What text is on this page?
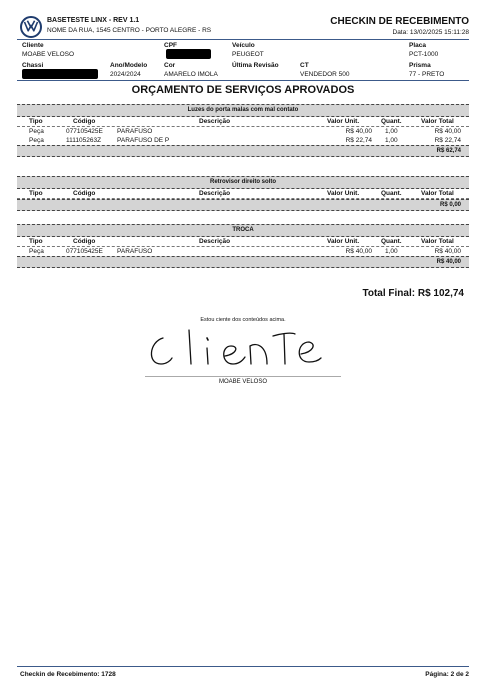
BASETESTE LINX - REV 1.1
NOME DA RUA, 1545 CENTRO - PORTO ALEGRE - RS
CHECKIN DE RECEBIMENTO
Data: 13/02/2025 15:11:28
Cliente
MOABE VELOSO
CPF	Veículo
PEUGEOT
Placa
PCT-1000
Chassi	Ano/Modelo
2024/2024
Cor
AMARELO IMOLA
Última Revisão	CT
VENDEDOR 500
Prisma
77 - PRETO
ORÇAMENTO DE SERVIÇOS APROVADOS
Luzes do porta malas com mal contato
Tipo	Código	Descrição	Valor Unit.	Quant.	Valor Total
Peça	077105425E PARAFUSO	R$ 40,00 1,00	R$ 40,00
Peça	111105263Z PARAFUSO DE P	R$ 22,74 1,00	R$ 22,74
R$ 62,74
Retrovisor direito solto
Tipo	Código	Descrição	Valor Unit.	Quant.	Valor Total
R$ 0,00
TROCA
Tipo	Código	Descrição	Valor Unit.	Quant.	Valor Total
Peça	077105425E PARAFUSO	R$ 40,00 1,00	R$ 40,00
R$ 40,00
Total Final: R$ 102,74
Estou ciente dos conteúdos acima.
MOABE VELOSO
Checkin de Recebimento: 1728	Página: 2 de 2
